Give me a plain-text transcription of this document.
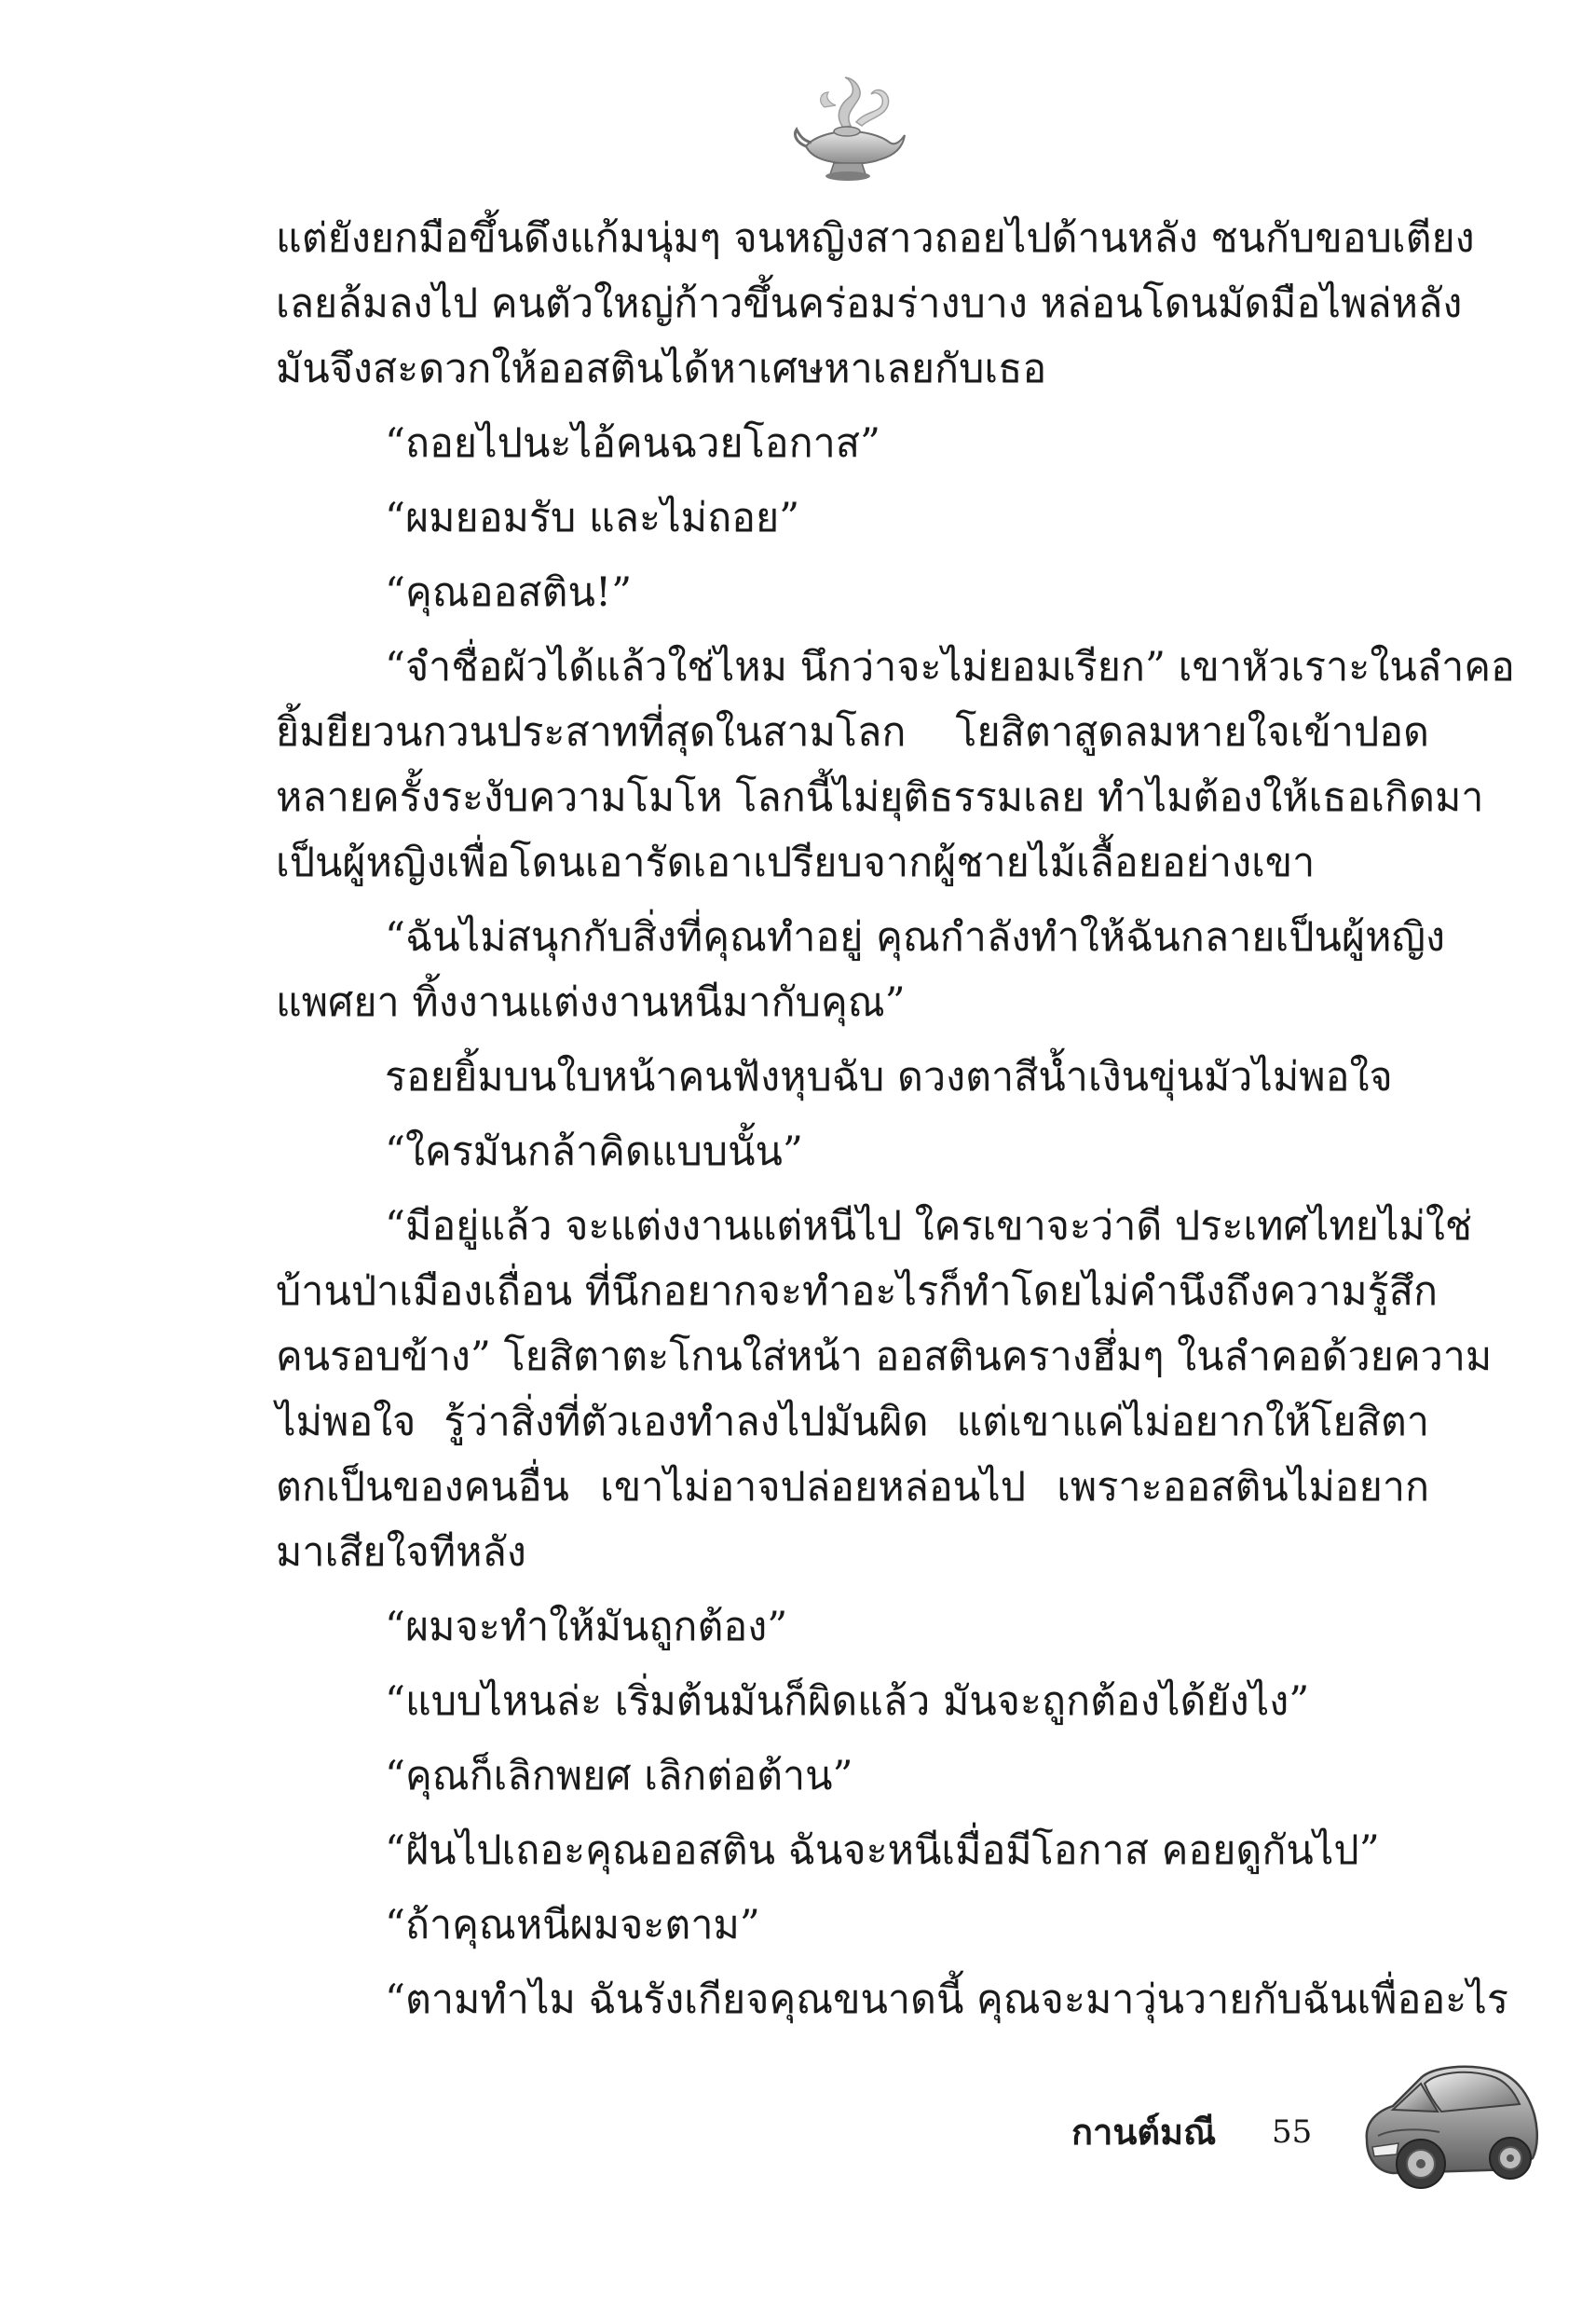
แต่ยังยกมือขึ้นดึงแก้มนุ่มๆ จนหญิงสาวถอยไปด้านหลัง ชนกับขอบเตียง
เลยล้มลงไป คนตัวใหญ่ก้าวขึ้นคร่อมร่างบาง หล่อนโดนมัดมือไพล่หลัง
มันจึงสะดวกให้ออสตินได้หาเศษหาเลยกับเธอ
“ถอยไปนะไอ้คนฉวยโอกาส”
“ผมยอมรับ และไม่ถอย”
“คุณออสติน!”
“จำชื่อผัวได้แล้วใช่ไหม นึกว่าจะไม่ยอมเรียก” เขาหัวเราะในลำคอ
ยิ้มยียวนกวนประสาทที่สุดในสามโลก โยสิตาสูดลมหายใจเข้าปอด
หลายครั้งระงับความโมโห โลกนี้ไม่ยุติธรรมเลย ทำไมต้องให้เธอเกิดมา
เป็นผู้หญิงเพื่อโดนเอารัดเอาเปรียบจากผู้ชายไม้เลื้อยอย่างเขา
“ฉันไม่สนุกกับสิ่งที่คุณทำอยู่ คุณกำลังทำให้ฉันกลายเป็นผู้หญิง
แพศยา ทิ้งงานแต่งงานหนีมากับคุณ”
รอยยิ้มบนใบหน้าคนฟังหุบฉับ ดวงตาสีน้ำเงินขุ่นมัวไม่พอใจ
“ใครมันกล้าคิดแบบนั้น”
“มีอยู่แล้ว จะแต่งงานแต่หนีไป ใครเขาจะว่าดี ประเทศไทยไม่ใช่
บ้านป่าเมืองเถื่อน ที่นึกอยากจะทำอะไรก็ทำโดยไม่คำนึงถึงความรู้สึก
คนรอบข้าง” โยสิตาตะโกนใส่หน้า ออสตินครางฮึ่มๆ ในลำคอด้วยความ
ไม่พอใจ รู้ว่าสิ่งที่ตัวเองทำลงไปมันผิด แต่เขาแค่ไม่อยากให้โยสิตา
ตกเป็นของคนอื่น เขาไม่อาจปล่อยหล่อนไป เพราะออสตินไม่อยาก
มาเสียใจทีหลัง
“ผมจะทำให้มันถูกต้อง”
“แบบไหนล่ะ เริ่มต้นมันก็ผิดแล้ว มันจะถูกต้องได้ยังไง”
“คุณก็เลิกพยศ เลิกต่อต้าน”
“ฝันไปเถอะคุณออสติน ฉันจะหนีเมื่อมีโอกาส คอยดูกันไป”
“ถ้าคุณหนีผมจะตาม”
“ตามทำไม ฉันรังเกียจคุณขนาดนี้ คุณจะมาวุ่นวายกับฉันเพื่ออะไร
กานต์มณี 55
